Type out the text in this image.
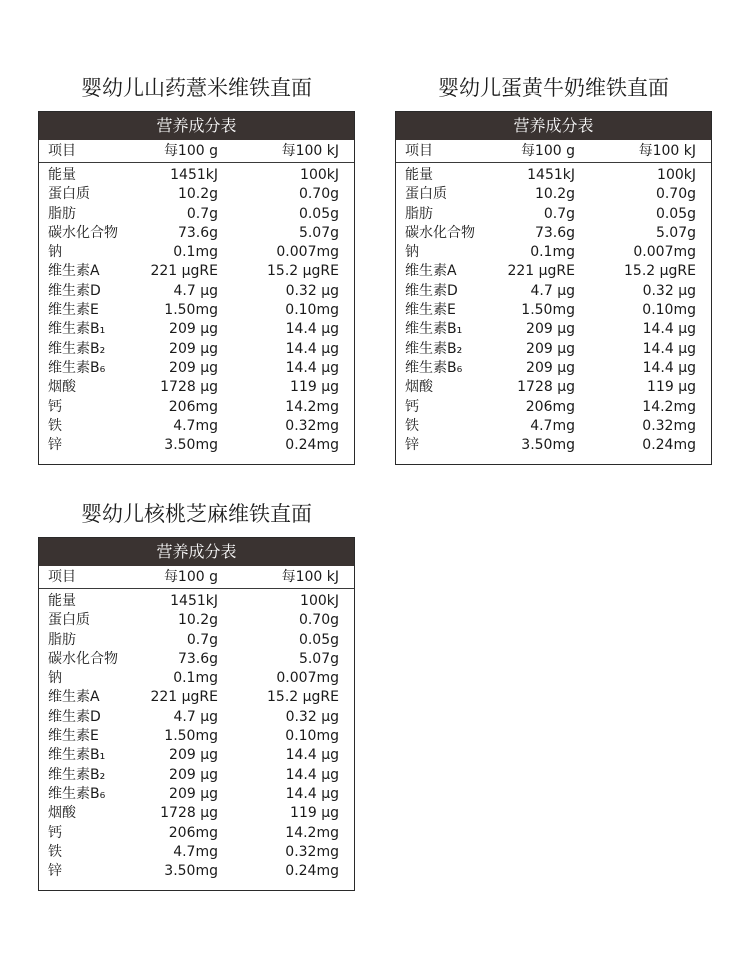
婴幼儿山药薏米维铁直面
营养成分表
项目	每100 g	每100 kJ
能量	1451kJ	100kJ
蛋白质	10.2g	0.70g
脂肪	0.7g	0.05g
碳水化合物	73.6g	5.07g
钠	0.1mg	0.007mg
维生素A	221 μgRE	15.2 μgRE
维生素D	4.7 μg	0.32 μg
维生素E	1.50mg	0.10mg
维生素B₁	209 μg	14.4 μg
维生素B₂	209 μg	14.4 μg
维生素B₆	209 μg	14.4 μg
烟酸	1728 μg	119 μg
钙	206mg	14.2mg
铁	4.7mg	0.32mg
锌	3.50mg	0.24mg
婴幼儿蛋黄牛奶维铁直面
营养成分表
项目	每100 g	每100 kJ
能量	1451kJ	100kJ
蛋白质	10.2g	0.70g
脂肪	0.7g	0.05g
碳水化合物	73.6g	5.07g
钠	0.1mg	0.007mg
维生素A	221 μgRE	15.2 μgRE
维生素D	4.7 μg	0.32 μg
维生素E	1.50mg	0.10mg
维生素B₁	209 μg	14.4 μg
维生素B₂	209 μg	14.4 μg
维生素B₆	209 μg	14.4 μg
烟酸	1728 μg	119 μg
钙	206mg	14.2mg
铁	4.7mg	0.32mg
锌	3.50mg	0.24mg
婴幼儿核桃芝麻维铁直面
营养成分表
项目	每100 g	每100 kJ
能量	1451kJ	100kJ
蛋白质	10.2g	0.70g
脂肪	0.7g	0.05g
碳水化合物	73.6g	5.07g
钠	0.1mg	0.007mg
维生素A	221 μgRE	15.2 μgRE
维生素D	4.7 μg	0.32 μg
维生素E	1.50mg	0.10mg
维生素B₁	209 μg	14.4 μg
维生素B₂	209 μg	14.4 μg
维生素B₆	209 μg	14.4 μg
烟酸	1728 μg	119 μg
钙	206mg	14.2mg
铁	4.7mg	0.32mg
锌	3.50mg	0.24mg
